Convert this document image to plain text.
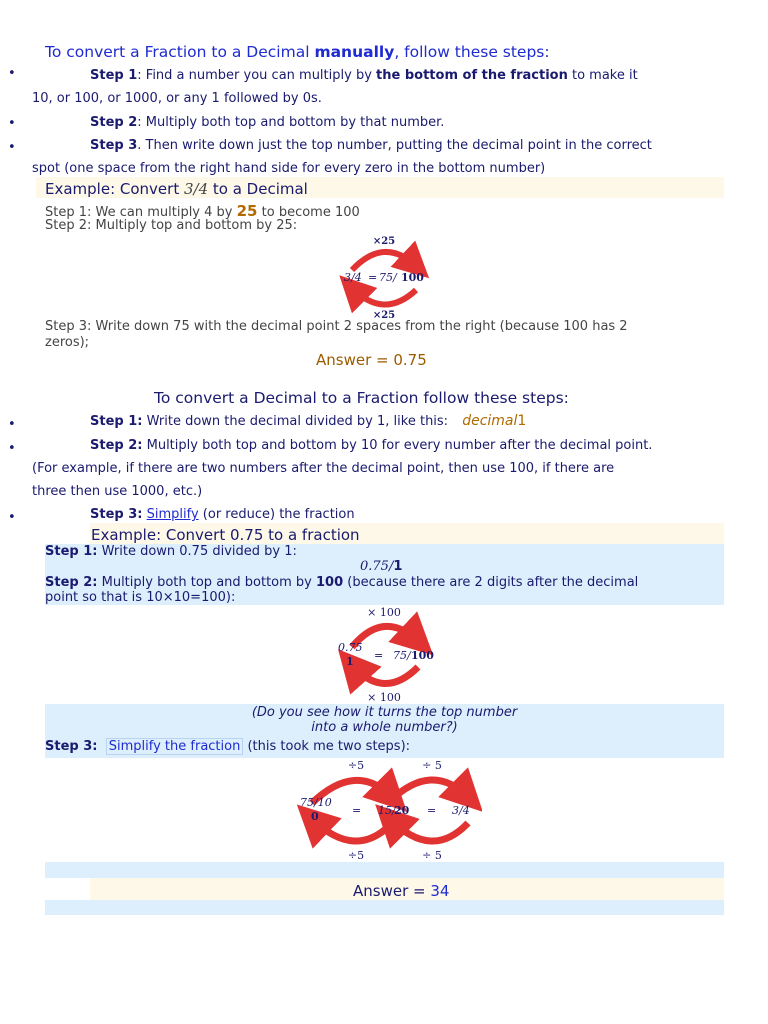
To convert a Fraction to a Decimal manually, follow these steps:
•	Step 1: Find a number you can multiply by the bottom of the fraction to make it
10, or 100, or 1000, or any 1 followed by 0s.
•	Step 2: Multiply both top and bottom by that number.
•	Step 3. Then write down just the top number, putting the decimal point in the correct
spot (one space from the right hand side for every zero in the bottom number)
Example: Convert 3/4 to a Decimal
Step 1: We can multiply 4 by 25 to become 100
Step 2: Multiply top and bottom by 25:
×25
3/4 = 75/ 100
×25
Step 3: Write down 75 with the decimal point 2 spaces from the right (because 100 has 2
zeros);
Answer = 0.75
To convert a Decimal to a Fraction follow these steps:
•	Step 1: Write down the decimal divided by 1, like this: decimal1
•	Step 2: Multiply both top and bottom by 10 for every number after the decimal point.
(For example, if there are two numbers after the decimal point, then use 100, if there are
three then use 1000, etc.)
•	Step 3: Simplify (or reduce) the fraction
Example: Convert 0.75 to a fraction
Step 1: Write down 0.75 divided by 1:
0.75/1
Step 2: Multiply both top and bottom by 100 (because there are 2 digits after the decimal
point so that is 10×10=100):
× 100
0.75
1 = 75/ 100
× 100
(Do you see how it turns the top number
into a whole number?)
Step 3: Simplify the fraction (this took me two steps):
÷5	÷ 5
75/10
0	= 15/
20 = 3/4
÷5	÷ 5
Answer = 34
